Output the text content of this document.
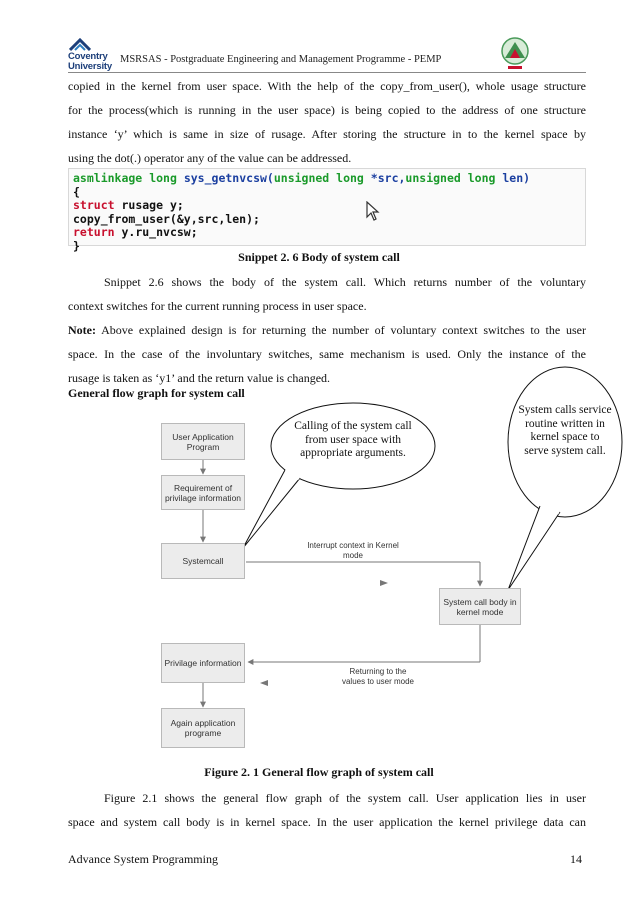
Coventry
University
MSRSAS - Postgraduate Engineering and Management Programme - PEMP
copied in the kernel from user space. With the help of the copy_from_user(), whole usage structure
for the process(which is running in the user space) is being copied to the address of one structure
instance ‘y’ which is same in size of rusage. After storing the structure in to the kernel space by
using the dot(.) operator any of the value can be addressed.
asmlinkage long sys_getnvcsw(unsigned long *src,unsigned long len)
{
struct rusage y;
copy_from_user(&y,src,len);
return y.ru_nvcsw;
}
Snippet 2. 6 Body of system call
Snippet 2.6 shows the body of the system call. Which returns number of the voluntary
context switches for the current running process in user space.
Note: Above explained design is for returning the number of voluntary context switches to the user
space. In the case of the involuntary switches, same mechanism is used. Only the instance of the
rusage is taken as ‘y1’ and the return value is changed.
General flow graph for system call
User Application Program
Requirement of privilage information
Systemcall
System call body in kernel mode
Privilage information
Again application programe
Interrupt context in Kernel mode
Returning to the values to user mode
Calling of the system call from user space with appropriate arguments.
System calls service routine written in kernel space to serve system call.
Figure 2. 1 General flow graph of system call
Figure 2.1 shows the general flow graph of the system call. User application lies in user
space and system call body is in kernel space. In the user application the kernel privilege data can
Advance System Programming	14
